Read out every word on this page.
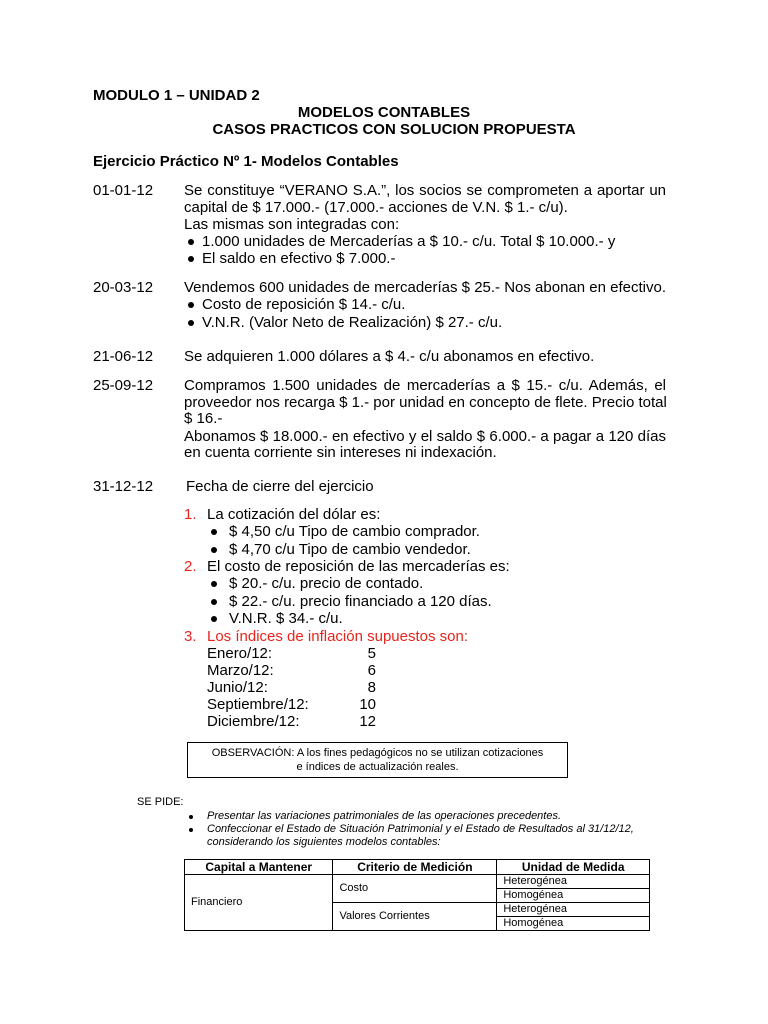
MODULO 1 – UNIDAD 2
MODELOS CONTABLES
CASOS PRACTICOS CON SOLUCION PROPUESTA
Ejercicio Práctico Nº 1- Modelos Contables
01-01-12 Se constituye “VERANO S.A.”, los socios se comprometen a aportar un
capital de $ 17.000.- (17.000.- acciones de V.N. $ 1.- c/u).
Las mismas son integradas con:
1.000 unidades de Mercaderías a $ 10.- c/u. Total $ 10.000.- y
El saldo en efectivo $ 7.000.-
20-03-12 Vendemos 600 unidades de mercaderías $ 25.- Nos abonan en efectivo.
Costo de reposición $ 14.- c/u.
V.N.R. (Valor Neto de Realización) $ 27.- c/u.
21-06-12 Se adquieren 1.000 dólares a $ 4.- c/u abonamos en efectivo.
25-09-12 Compramos 1.500 unidades de mercaderías a $ 15.- c/u. Además, el
proveedor nos recarga $ 1.- por unidad en concepto de flete. Precio total
$ 16.-
Abonamos $ 18.000.- en efectivo y el saldo $ 6.000.- a pagar a 120 días
en cuenta corriente sin intereses ni indexación.
31-12-12 Fecha de cierre del ejercicio
1. La cotización del dólar es:
$ 4,50 c/u Tipo de cambio comprador.
$ 4,70 c/u Tipo de cambio vendedor.
2. El costo de reposición de las mercaderías es:
$ 20.- c/u. precio de contado.
$ 22.- c/u. precio financiado a 120 días.
V.N.R. $ 34.- c/u.
3. Los índices de inflación supuestos son:
Enero/12:	5
Marzo/12:	6
Junio/12:	8
Septiembre/12:	10
Diciembre/12:	12
OBSERVACIÓN: A los fines pedagógicos no se utilizan cotizaciones
e índices de actualización reales.
SE PIDE:
Presentar las variaciones patrimoniales de las operaciones precedentes.
Confeccionar el Estado de Situación Patrimonial y el Estado de Resultados al 31/12/12,
considerando los siguientes modelos contables:
Capital a Mantener	Criterio de Medición	Unidad de Medida
Financiero	Costo	Heterogénea
		Homogénea
	Valores Corrientes	Heterogénea
		Homogénea
